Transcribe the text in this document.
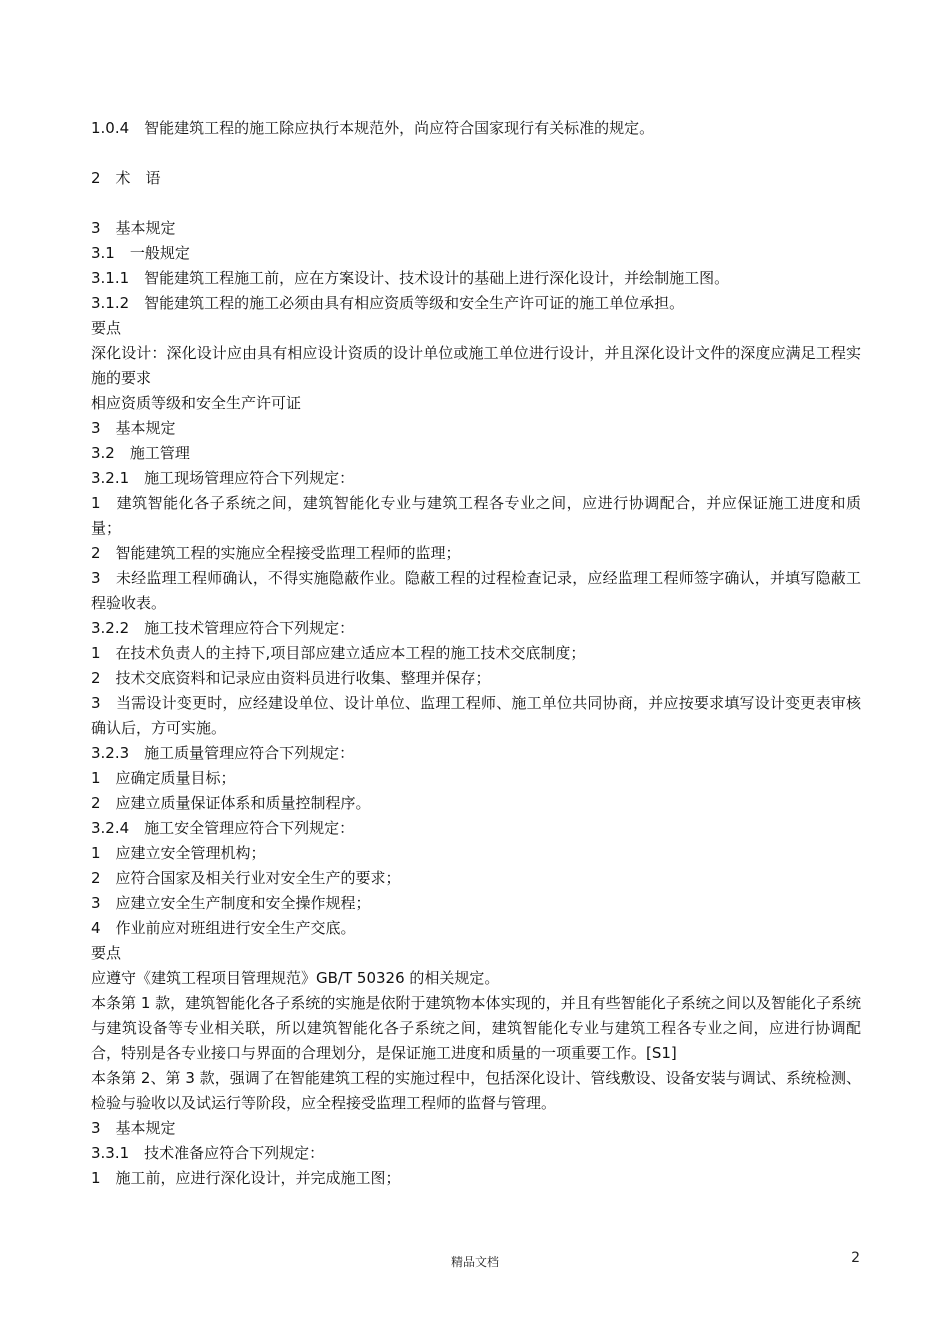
1.0.4　智能建筑工程的施工除应执行本规范外，尚应符合国家现行有关标准的规定。

2　术　语

3　基本规定

3.1　一般规定

3.1.1　智能建筑工程施工前，应在方案设计、技术设计的基础上进行深化设计，并绘制施工图。

3.1.2　智能建筑工程的施工必须由具有相应资质等级和安全生产许可证的施工单位承担。

要点

深化设计：深化设计应由具有相应设计资质的设计单位或施工单位进行设计，并且深化设计文件的深度应满足工程实施的要求

相应资质等级和安全生产许可证

3　基本规定

3.2　施工管理

3.2.1　施工现场管理应符合下列规定：

1　建筑智能化各子系统之间，建筑智能化专业与建筑工程各专业之间，应进行协调配合，并应保证施工进度和质量；

2　智能建筑工程的实施应全程接受监理工程师的监理；

3　未经监理工程师确认，不得实施隐蔽作业。隐蔽工程的过程检查记录，应经监理工程师签字确认，并填写隐蔽工程验收表。

3.2.2　施工技术管理应符合下列规定：

1　在技术负责人的主持下,项目部应建立适应本工程的施工技术交底制度；

2　技术交底资料和记录应由资料员进行收集、整理并保存；

3　当需设计变更时，应经建设单位、设计单位、监理工程师、施工单位共同协商，并应按要求填写设计变更表审核确认后，方可实施。

3.2.3　施工质量管理应符合下列规定：

1　应确定质量目标；

2　应建立质量保证体系和质量控制程序。

3.2.4　施工安全管理应符合下列规定：

1　应建立安全管理机构；

2　应符合国家及相关行业对安全生产的要求；

3　应建立安全生产制度和安全操作规程；

4　作业前应对班组进行安全生产交底。

要点

应遵守《建筑工程项目管理规范》GB/T 50326 的相关规定。

本条第 1 款，建筑智能化各子系统的实施是依附于建筑物本体实现的，并且有些智能化子系统之间以及智能化子系统与建筑设备等专业相关联，所以建筑智能化各子系统之间，建筑智能化专业与建筑工程各专业之间，应进行协调配合，特别是各专业接口与界面的合理划分，是保证施工进度和质量的一项重要工作。[S1]

本条第 2、第 3 款，强调了在智能建筑工程的实施过程中，包括深化设计、管线敷设、设备安装与调试、系统检测、检验与验收以及试运行等阶段，应全程接受监理工程师的监督与管理。

3　基本规定

3.3.1　技术准备应符合下列规定：

1　施工前，应进行深化设计，并完成施工图；

精品文档	2
